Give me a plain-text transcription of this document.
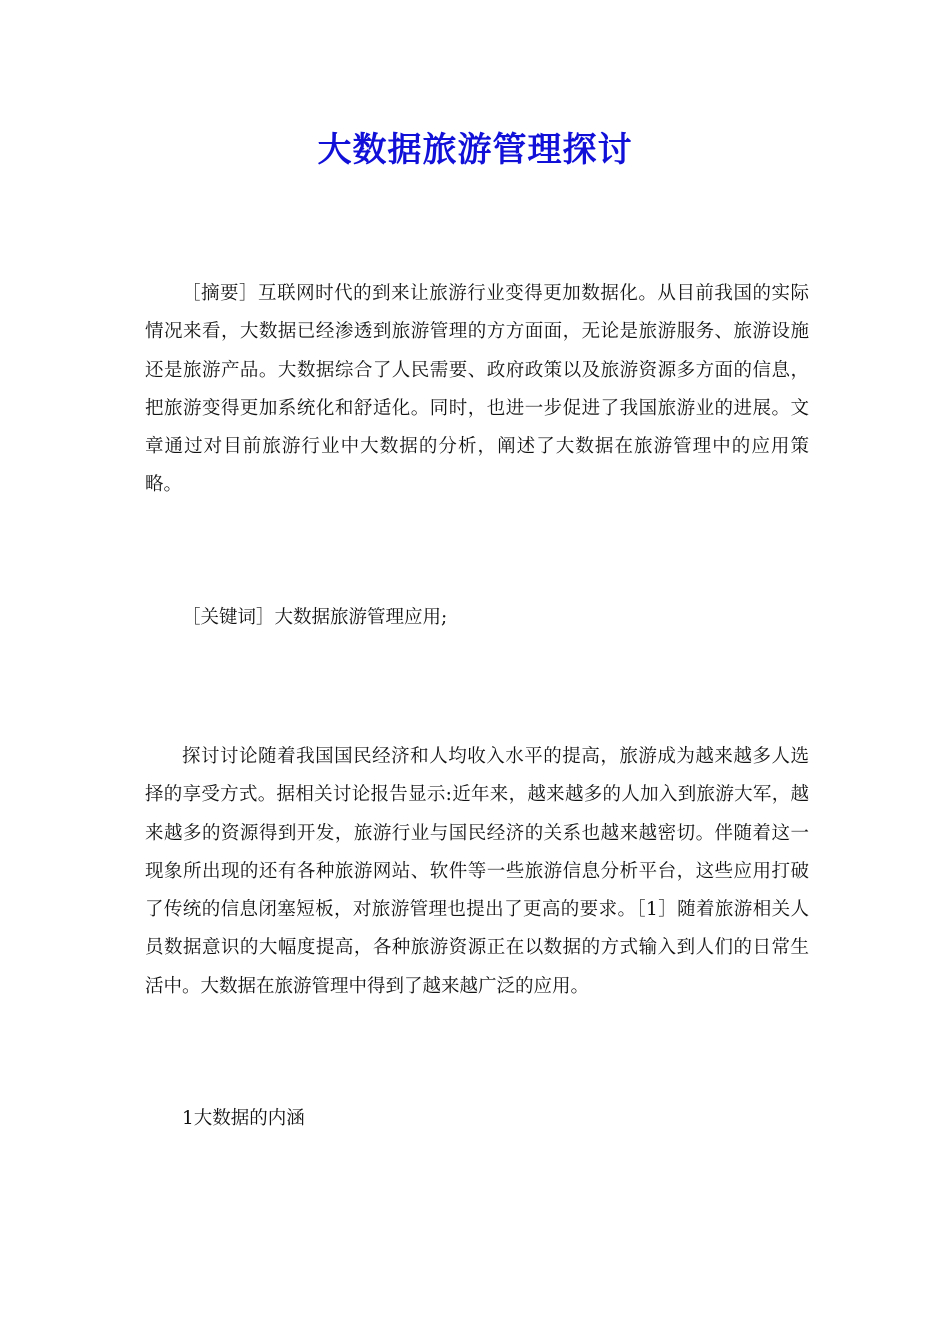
大数据旅游管理探讨

［摘要］互联网时代的到来让旅游行业变得更加数据化。从目前我国的实际情况来看，大数据已经渗透到旅游管理的方方面面，无论是旅游服务、旅游设施还是旅游产品。大数据综合了人民需要、政府政策以及旅游资源多方面的信息，把旅游变得更加系统化和舒适化。同时，也进一步促进了我国旅游业的进展。文章通过对目前旅游行业中大数据的分析，阐述了大数据在旅游管理中的应用策略。

［关键词］大数据旅游管理应用;

探讨讨论随着我国国民经济和人均收入水平的提高，旅游成为越来越多人选择的享受方式。据相关讨论报告显示:近年来，越来越多的人加入到旅游大军，越来越多的资源得到开发，旅游行业与国民经济的关系也越来越密切。伴随着这一现象所出现的还有各种旅游网站、软件等一些旅游信息分析平台，这些应用打破了传统的信息闭塞短板，对旅游管理也提出了更高的要求。［1］随着旅游相关人员数据意识的大幅度提高，各种旅游资源正在以数据的方式输入到人们的日常生活中。大数据在旅游管理中得到了越来越广泛的应用。

1大数据的内涵
